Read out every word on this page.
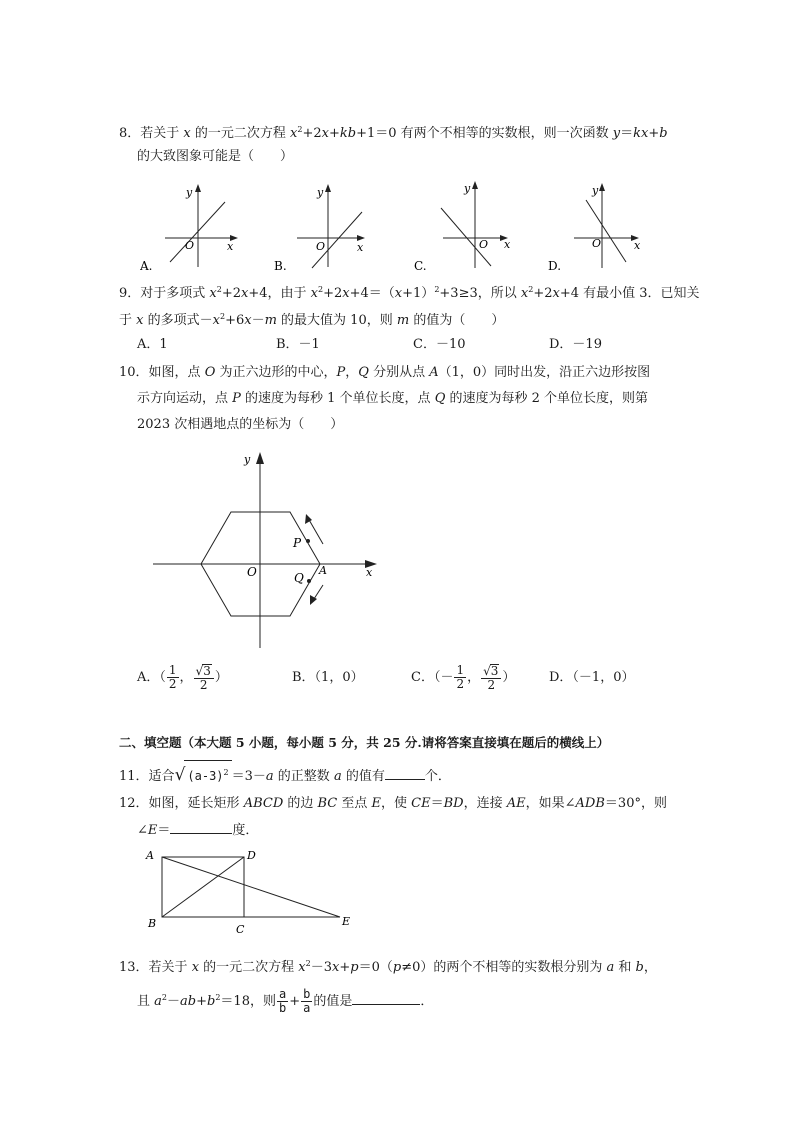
8．若关于 x 的一元二次方程 $x^2+2x+kb+1=0$ 有两个不相等的实数根，则一次函数 y＝kx+b
的大致图象可能是（　　）
y
x
O
A.
y
x
O
B.
y
x
O
C.
y
x
O
D.
9．对于多项式 $x^2+2x+4$，由于 $x^2+2x+4=(x+1)^2+3\ge 3$，所以 $x^2+2x+4$ 有最小值 3．已知关
于 x 的多项式$-x^2+6x-m$ 的最大值为 10，则 m 的值为（　　）
A．1	B．－1	C．－10	D．－19
10．如图，点 O 为正六边形的中心，P，Q 分别从点 A（1，0）同时出发，沿正六边形按图
示方向运动，点 P 的速度为每秒 1 个单位长度，点 Q 的速度为每秒 2 个单位长度，则第
2023 次相遇地点的坐标为（　　）
y
x
O
P
Q
A
A．（ $\frac{1}{2}$ ， $\frac{√3}{2}$ ）	B．（1，0）	C．（－ $\frac{1}{2}$ ， $\frac{√3}{2}$ ）	D．（－1，0）
二、填空题（本大题 5 小题，每小题 5 分，共 25 分.请将答案直接填在题后的横线上）
11．适合√ $(a-3)^2 =3-a$ 的正整数 a 的值有	个．
12．如图，延长矩形 ABCD 的边 BC 至点 E，使 CE＝BD，连接 AE，如果∠ADB＝30°，则
∠E＝	度．
A	D
B	C
E
13．若关于 x 的一元二次方程 $x^2-3x+p=0(p\ne 0)$的两个不相等的实数根分别为 a 和 b，
且 $a^2-ab+b^2=18$，则 $\frac{a}{b} + \frac{b}{a}$ 的值是	．
